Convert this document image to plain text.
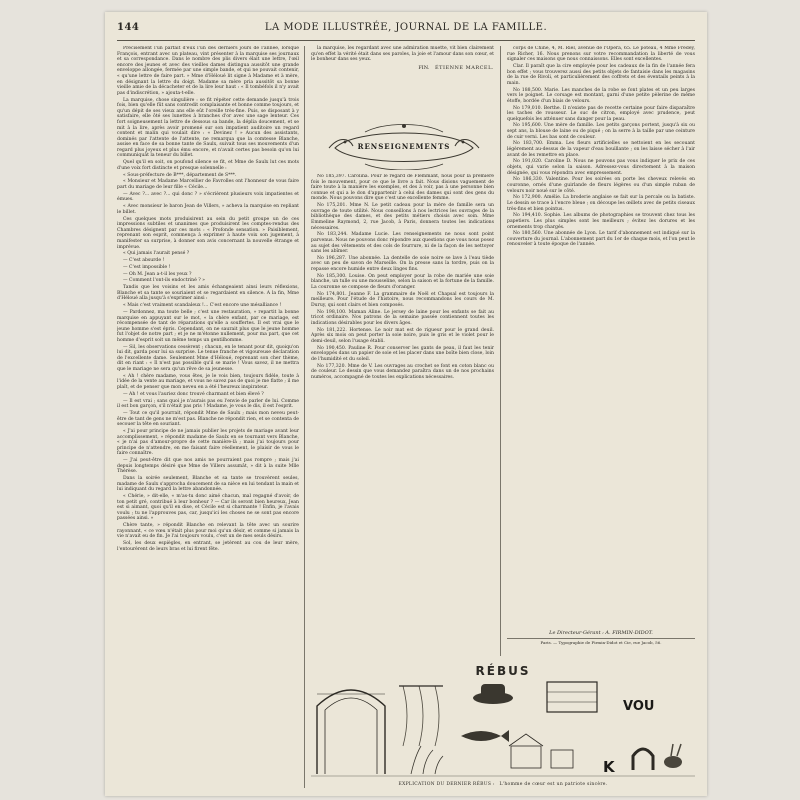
144	LA MODE ILLUSTRÉE, JOURNAL DE LA FAMILLE.

Précisément l'un parfait d'eux l'un des derniers jours de l'année, lorsque François, entrant avec un plateau, vint présenter à la marquise ses journaux et sa correspondance. Dans le nombre des plis divers élait une lettre, l'œil encore des jeunes et avec des vieilles dames distingua aussitôt une grande enveloppe allongée, fermée par une simple bande, et qui ne pouvait contenir, « qu'une lettre de faire part. » Mme d'Héloué lit signe à Madame et à mère, en désignant la lettre du doigt. Madame sa mère pria aussitôt sa bonne vieille amie de la décacheter et de la lire leur haut : « Il tombéfols il n'y avait pas d'indiscrétion, » ajouta-t-elle.

La marquise, chose singulière : se fit répéter cette demande jusqu'à trois fois, bien qu'elle fût sans contredit complaisante et bonne comme toujours, et qu'un dépit de ses vieux ans elle eût l'oreille très-fine. Puis, se disposant à y satisfaire, elle ôté ses lunettes à branches d'or avec une sage lenteur. Ces fort soigneusement la lettre de dessous sa bande, la déplia doucement, et se mit à la lire, après avoir promené sur son impatient auditoire un regard content et malin qui voulait dire : « Devinez ! » Aucun des assistants, dominés par l'attente de l'attente, ne remarqua que la comtesse Blanche, assise en face de sa bonne tante de Saulx, suivait tous ses mouvements d'un regard plus joyeux et plus ému encore, et n'avait certes pas besoin qu'on lui communiquât la teneur du billet.

Quel qu'il en soit, on poufond silence se fit, et Mme de Saulx lut ces mots d'une voix fort distincte et presque solennelle :

« Sous-préfecture de B***, département de S***.

« Monsieur et Madame Marcellier de Favrolles ont l'honneur de vous faire part du mariage de leur fille « Cécile...

— Avec ?... avec ?... qui donc ? » s'écrièrent plusieurs voix impatientes et émues.

« Avec monsieur le baron Jean de Villers, » acheva la marquise en repliant le billet.

Ces quelques mots produisirent au sein du petit groupe un de ces impressions subtiles et unanimes que produisirent les comptes-rendus des Chambres désignent par ces mots : « Profonde sensation. » Paisiblement, reprenant son esprit, commença à exprimer à haute voix son jugement, à manifester sa surprise, à donner son avis concernant la nouvelle étrange et imprévue.

« Qui jamais l'aurait pensé ?

— C'est absurde !

— C'est impossible !

— Oh M. Jean a-t-il les yeux ?

— Comment l'ont-ils endoctriné ? »

Tandis que les voisins et les amis échangeaient ainsi leurs réflexions, Blanche et sa tante se souriaient et se regardaient en silence. A la fin, Mme d'Héloué alla jusqu'à s'exprimer ainsi :

« Mais c'est vraiment scandaleux !... C'est encore une mésalliance !

— Pardonnez, ma toute belle ; c'est une restauration, » repartit la bonne marquise en appuyant sur le mot, « la chère enfant, par ce mariage, est récompensée de tant de réparations qu'elle a souffertes. Il est vrai que le jeune homme s'est épris. Cependant, on ne saurait plus que le jeune homme fut l'objet de notre part ; et je ne m'étonne nullement, pour ma part, que cet homme d'esprit soit un même temps un gentilhomme.

— Sil, les observations cessèrent ; chacun, en le tenant pour dit, quoiqu'on lui dit, garda pour lui sa surprise. Le tenue franche et vigoureuse déclaration de l'excellente dame. Seulement Mme d'Héloué, reprenant son cher thème, dit en riant : « Il n'est pas possible qu'il se marie ! Vous savez, il ne mettra que le mariage ne sera qu'un rêve de sa jeunesse.

« Ah ! chère madame, vous êtes, je le vois bien, toujours fidèle, toute à l'idée de la vente au mariage, et vous ne savez pas de quoi je me flatte ; il me plaît, et de penser que mon neveu en a été l'heureux inspirateur.

— Ah ! et vous l'auriez donc trouvé charmant et bien élevé ?

— Il est vrai ; sans quoi je n'aurais pas eu l'envie de parler de lui. Comme il est bon garçon, s'il n'était pas pris ! Madame, je vous le dis, il est l'esprit.

— Tout ce qu'il pourrait, répondit Mme de Saulx ; mais mon neveu peut-être de tant de gens ne m'est pas. Blanche ne répondit rien, et se contenta de secouer la tête en souriant.

« J'ai pour principe de ne jamais publier les projets de mariage avant leur accomplissement, » répondit madame de Saulx en se tournant vers Blanche, « je n'ai pas d'amour-propre de cette manière-là ; mais j'ai toujours pour principe de n'attendre, en me faisant faire réellement, le plaisir de vous le faire connaître.

— J'ai peut-être dit que nos amis ne pourraient pas rompre ; mais j'ai depuis longtemps désiré que Mme de Villers assumât, » dit à la suite Mlle Thérèse.

Dans la soirée seulement, Blanche et sa tante se trouvèrent seules, madame de Saulx s'approcha doucement de sa nièce en lui tendant la main et lui indiquant du regard la lettre abandonnée.

« Chérie, » dit-elle, « m'as-tu donc aimé chacun, mal regagné d'avoir, de ton petit gré, contribué à leur bonheur ? — Car ils seront bien heureux, Jean est si aimant, quoi qu'il en dise, et Cécile est si charmante ! Enfin, je l'avais voulu ; tu ne l'approuves pas, car, jusqu'ici les choses ne se sont pas encore passées ainsi. »

Chère tante, » répondit Blanche en relevant la tête avec un sourire rayonnant, « ce vœu n'était plus pour moi qu'un désir, et comme si jamais la vie n'avait eu de fin. Je l'ai toujours voulu, c'est un de mes seuls désirs.

Sol, les deux espiègles, en entrant, se jetèrent au cou de leur mère, l'entourèrent de leurs bras et lui firent fête.

la marquise, les regardant avec une admiration muette, vit bien clairement qu'en effet la vérité était dans ses paroles, la joie et l'amour dans son cœur, et le bonheur dans ses yeux.

FIN. ÉTIENNE MARCEL.
RENSEIGNEMENTS

No 185,397. Carolina. Pour le regard de Flemmant, nous pour la première fois le mouvement, pour ce que le livre a fait. Nous disions vaguement de faire toute à la manière les exemples, et des à voir, pas à une personne bien connue et qui a le don d'appartenir à celui des dames qui sont des gens du monde. Nous pouvons dire que c'est une excellente femme.

No 175,201. Mme N. Le petit cadeau pour la mère de famille sera un ouvrage de toute utilité. Nous conseillons à nos lectrices les ouvrages de la bibliothèque des dames, et des petits métiers choisis avec soin. Mme Emmeline Raymond, 2, rue Jacob, à Paris, donnera toutes les indications nécessaires.

No 183,244. Madame Lucie. Les renseignements ne nous sont point parvenus. Nous ne pouvons donc répondre aux questions que vous nous posez au sujet des vêtements et des cols de fourrure, ni de la façon de les nettoyer sans les abîmer.

No 196,287. Une abonnée. La dentelle de soie noire se lave à l'eau tiède avec un peu de savon de Marseille. On la presse sans la tordre, puis on la repasse encore humide entre deux linges fins.

No 185,300. Louise. On peut employer pour la robe de mariée une soie blanche, un tulle ou une mousseline, selon la saison et la fortune de la famille. La couronne se compose de fleurs d'oranger.

No 174,801. Jeanne F. La grammaire de Noël et Chapsal est toujours la meilleure. Pour l'étude de l'histoire, nous recommandons les cours de M. Duruy, qui sont clairs et bien composés.

No 198,100. Maman Aline. Le jersey de laine pour les enfants se fait au tricot ordinaire. Nos patrons de la semaine passée contiennent toutes les indications désirables pour les divers âges.

No 181,222. Hortense. Le noir mat est de rigueur pour le grand deuil. Après six mois on peut porter la soie noire, puis le gris et le violet pour le demi-deuil, selon l'usage établi.

No 190,450. Pauline R. Pour conserver les gants de peau, il faut les tenir enveloppés dans un papier de soie et les placer dans une boîte bien close, loin de l'humidité et du soleil.

No 177,320. Mme de V. Les ouvrages au crochet se font en coton blanc ou de couleur. Le dessin que vous demandez paraîtra dans un de nos prochains numéros, accompagné de toutes les explications nécessaires.

corps de Chine, 4, M. Riel, avenue de l'Opéra, 65. Le poteau, 4 Mme Fredey, rue Richer, 16. Nous prenons sur votre recommandation la liberté de vous signaler ces maisons que nous connaissons. Elles sont excellentes.

Clar. Il paraît que la cire employée pour les cadeaux de la fin de l'année fera bon effet ; vous trouverez aussi des petits objets de fantaisie dans les magasins de la rue de Rivoli, et particulièrement des coffrets et des éventails peints à la main.

No 188,500. Marie. Les manches de la robe se font plates et un peu larges vers le poignet. Le corsage est montant, garni d'une petite pèlerine de même étoffe, bordée d'un biais de velours.

No 179,010. Berthe. Il n'existe pas de recette certaine pour faire disparaître les taches de rousseur. Le suc de citron, employé avec prudence, peut quelquefois les atténuer sans danger pour la peau.

No 195,600. Une mère de famille. Les petits garçons portent, jusqu'à six ou sept ans, la blouse de laine ou de piqué ; on la serre à la taille par une ceinture de cuir verni. Les bas sont de couleur.

No 183,700. Emma. Les fleurs artificielles se nettoient en les secouant légèrement au-dessus de la vapeur d'eau bouillante ; on les laisse sécher à l'air avant de les remettre en place.

No 191,020. Caroline D. Nous ne pouvons pas vous indiquer le prix de ces objets, qui varie selon la saison. Adressez-vous directement à la maison désignée, qui vous répondra avec empressement.

No 186,330. Valentine. Pour les soirées on porte les cheveux relevés en couronne, ornés d'une guirlande de fleurs légères ou d'un simple ruban de velours noir noué sur le côté.

No 172,900. Amélie. La broderie anglaise se fait sur la percale ou la batiste. Le dessin se trace à l'encre bleue ; on découpe les œillets avec de petits ciseaux très-fins et bien pointus.

No 194,410. Sophie. Les albums de photographies se trouvent chez tous les papetiers. Les plus simples sont les meilleurs ; évitez les dorures et les ornements trop chargés.

No 180,560. Une abonnée de Lyon. Le tarif d'abonnement est indiqué sur la couverture du journal. L'abonnement part du 1er de chaque mois, et l'on peut le renouveler à toute époque de l'année.

Le Directeur-Gérant : A. FIRMIN-DIDOT.
Paris. — Typographie de Firmin-Didot et Cie, rue Jacob, 56.
RÉBUS
VOU
K
EXPLICATION DU DERNIER RÉBUS : L'homme de cœur est un patriote sincère.
